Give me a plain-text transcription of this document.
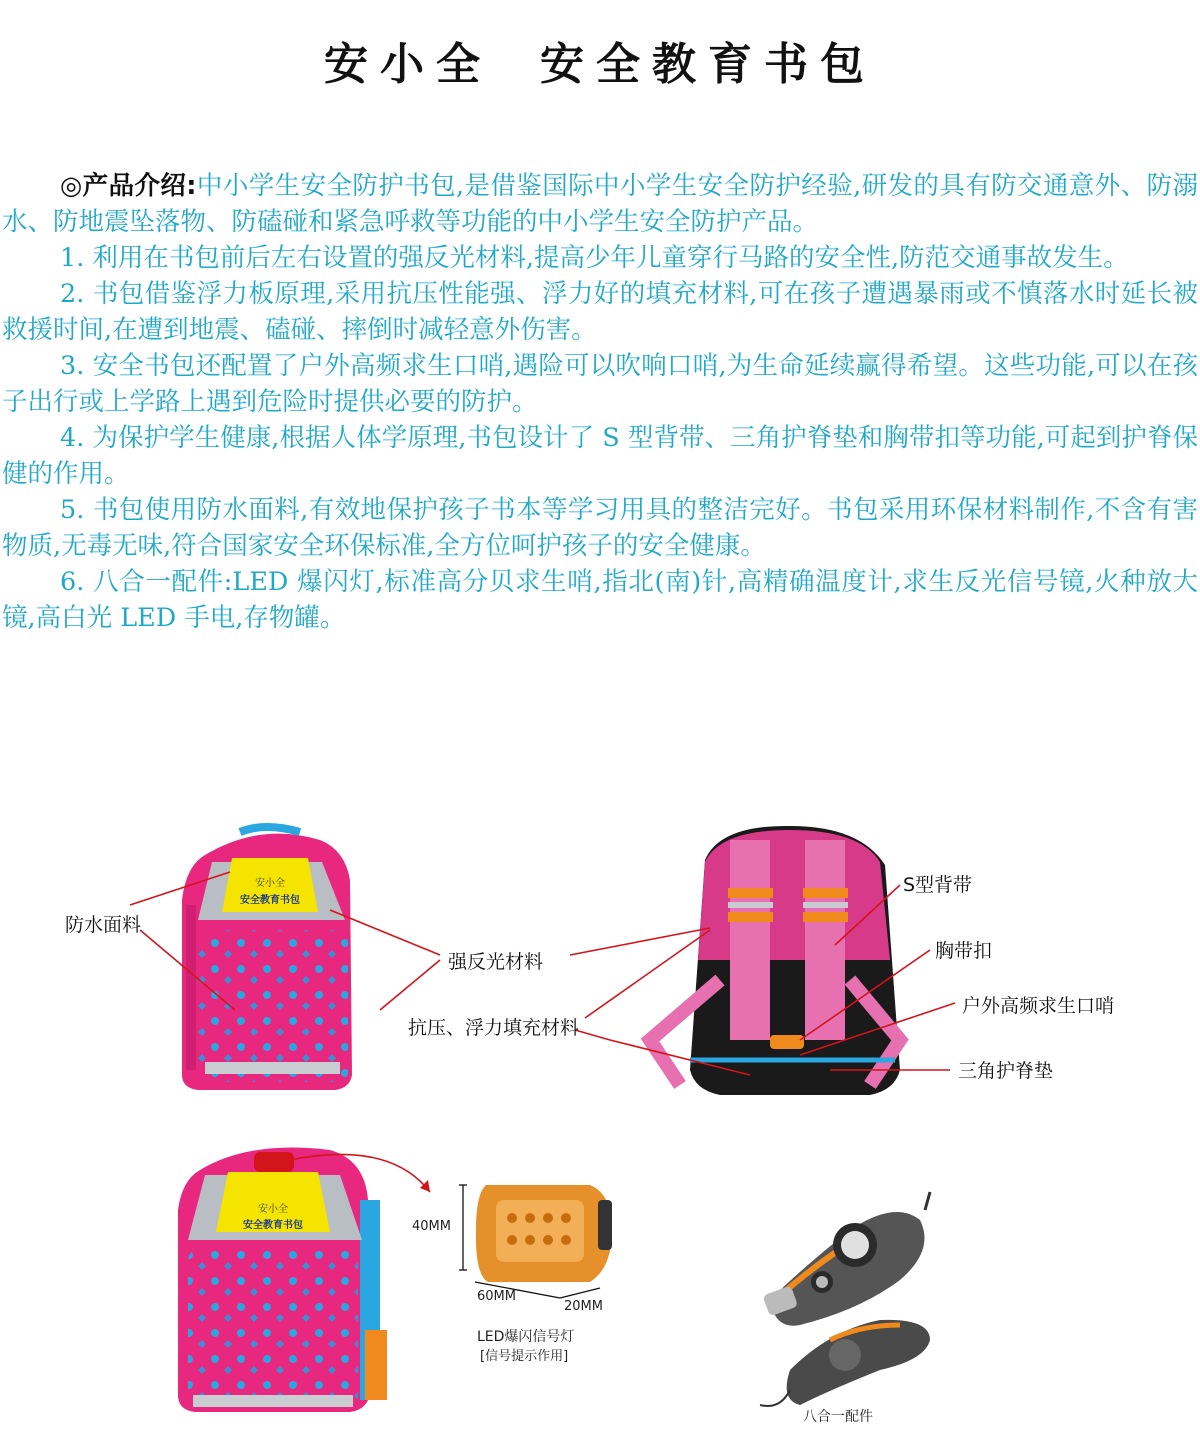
安小全 安全教育书包

◎产品介绍:中小学生安全防护书包,是借鉴国际中小学生安全防护经验,研发的具有防交通意外、防溺水、防地震坠落物、防磕碰和紧急呼救等功能的中小学生安全防护产品。

1. 利用在书包前后左右设置的强反光材料,提高少年儿童穿行马路的安全性,防范交通事故发生。

2. 书包借鉴浮力板原理,采用抗压性能强、浮力好的填充材料,可在孩子遭遇暴雨或不慎落水时延长被救援时间,在遭到地震、磕碰、摔倒时减轻意外伤害。

3. 安全书包还配置了户外高频求生口哨,遇险可以吹响口哨,为生命延续赢得希望。这些功能,可以在孩子出行或上学路上遇到危险时提供必要的防护。

4. 为保护学生健康,根据人体学原理,书包设计了 S 型背带、三角护脊垫和胸带扣等功能,可起到护脊保健的作用。

5. 书包使用防水面料,有效地保护孩子书本等学习用具的整洁完好。书包采用环保材料制作,不含有害物质,无毒无味,符合国家安全环保标准,全方位呵护孩子的安全健康。

6. 八合一配件:LED 爆闪灯,标准高分贝求生哨,指北(南)针,高精确温度计,求生反光信号镜,火种放大镜,高白光 LED 手电,存物罐。

安小全
安全教育书包
安小全
安全教育书包
防水面料
强反光材料
抗压、浮力填充材料
S型背带
胸带扣
户外高频求生口哨
三角护脊垫
40MM
60MM
20MM
LED爆闪信号灯
[信号提示作用]
八合一配件
